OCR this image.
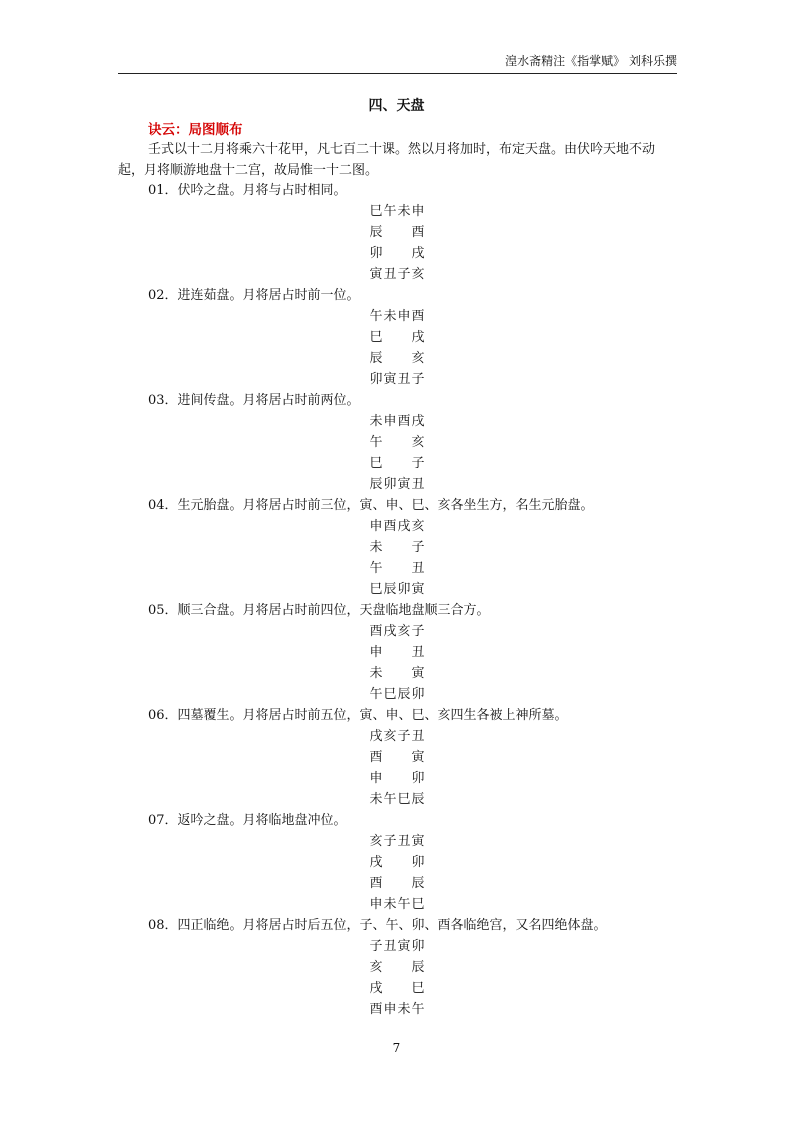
湟水斋精注《指掌赋》 刘科乐撰
四、天盘
诀云：局图顺布
壬式以十二月将乘六十花甲，凡七百二十课。然以月将加时，布定天盘。由伏吟天地不动起，月将顺游地盘十二宫，故局惟一十二图。
01．伏吟之盘。月将与占时相同。
巳 午 未 申
辰 酉
卯 戌
寅 丑 子 亥
02．进连茹盘。月将居占时前一位。
午 未 申 酉
巳 戌
辰 亥
卯 寅 丑 子
03．进间传盘。月将居占时前两位。
未 申 酉 戌
午 亥
巳 子
辰 卯 寅 丑
04．生元胎盘。月将居占时前三位，寅、申、巳、亥各坐生方，名生元胎盘。
申 酉 戌 亥
未 子
午 丑
巳 辰 卯 寅
05．顺三合盘。月将居占时前四位，天盘临地盘顺三合方。
酉 戌 亥 子
申 丑
未 寅
午 巳 辰 卯
06．四墓覆生。月将居占时前五位，寅、申、巳、亥四生各被上神所墓。
戌 亥 子 丑
酉 寅
申 卯
未 午 巳 辰
07．返吟之盘。月将临地盘冲位。
亥 子 丑 寅
戌 卯
酉 辰
申 未 午 巳
08．四正临绝。月将居占时后五位，子、午、卯、酉各临绝宫，又名四绝体盘。
子 丑 寅 卯
亥 辰
戌 巳
酉 申 未 午
7
